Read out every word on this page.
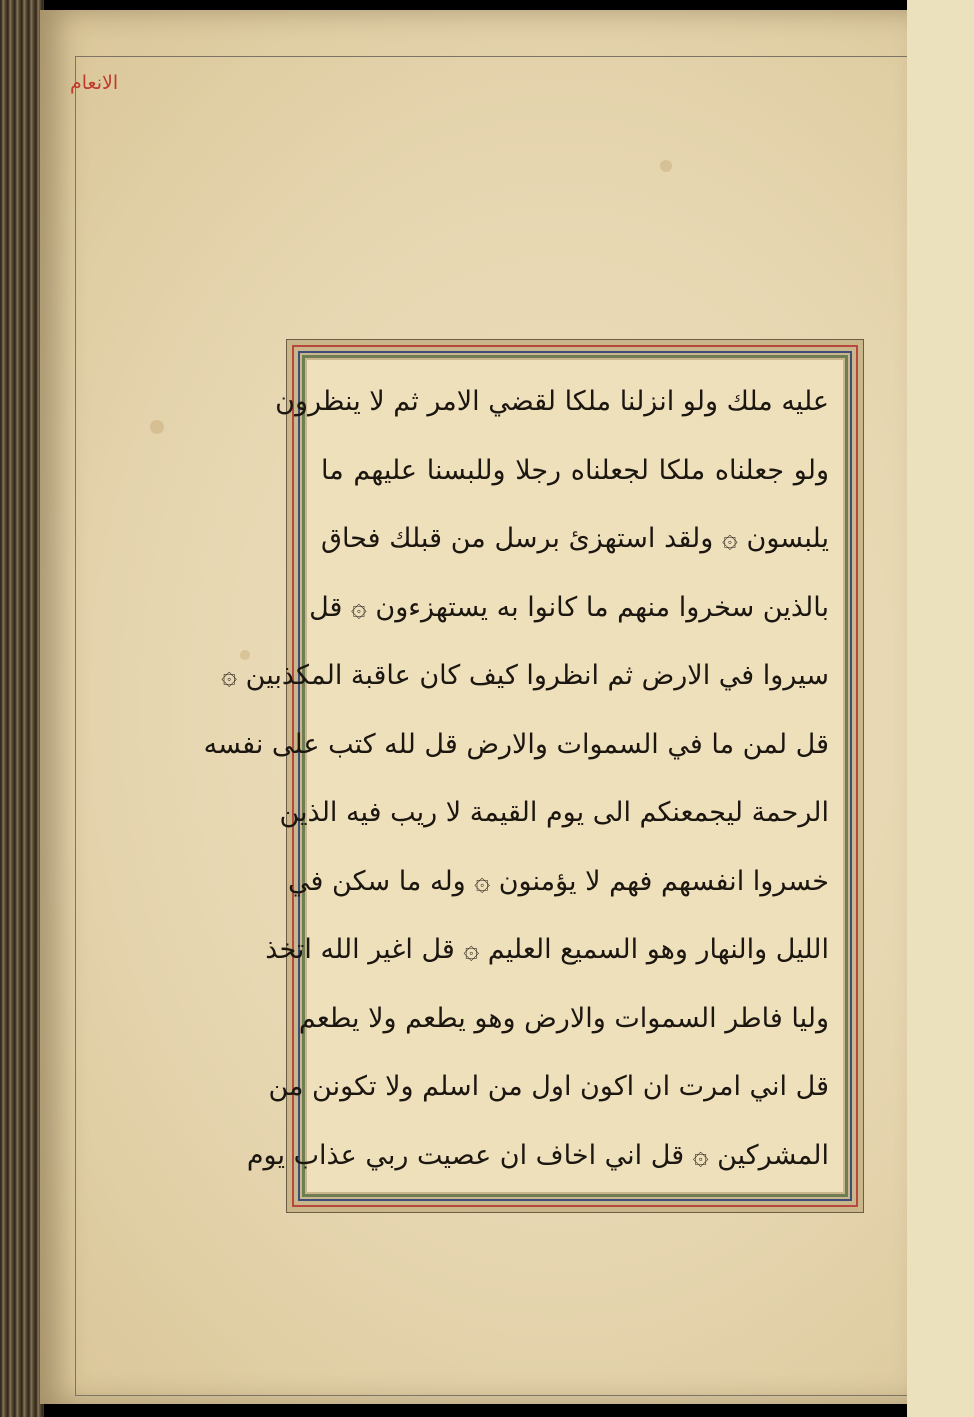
الانعام
عليه ملك ولو انزلنا ملكا لقضي الامر ثم لا ينظرون
ولو جعلناه ملكا لجعلناه رجلا وللبسنا عليهم ما
يلبسون ۞ ولقد استهزئ برسل من قبلك فحاق
بالذين سخروا منهم ما كانوا به يستهزءون ۞ قل
سيروا في الارض ثم انظروا كيف كان عاقبة المكذبين ۞
قل لمن ما في السموات والارض قل لله كتب على نفسه
الرحمة ليجمعنكم الى يوم القيمة لا ريب فيه الذين
خسروا انفسهم فهم لا يؤمنون ۞ وله ما سكن في
الليل والنهار وهو السميع العليم ۞ قل اغير الله اتخذ
وليا فاطر السموات والارض وهو يطعم ولا يطعم
قل اني امرت ان اكون اول من اسلم ولا تكونن من
المشركين ۞ قل اني اخاف ان عصيت ربي عذاب يوم
